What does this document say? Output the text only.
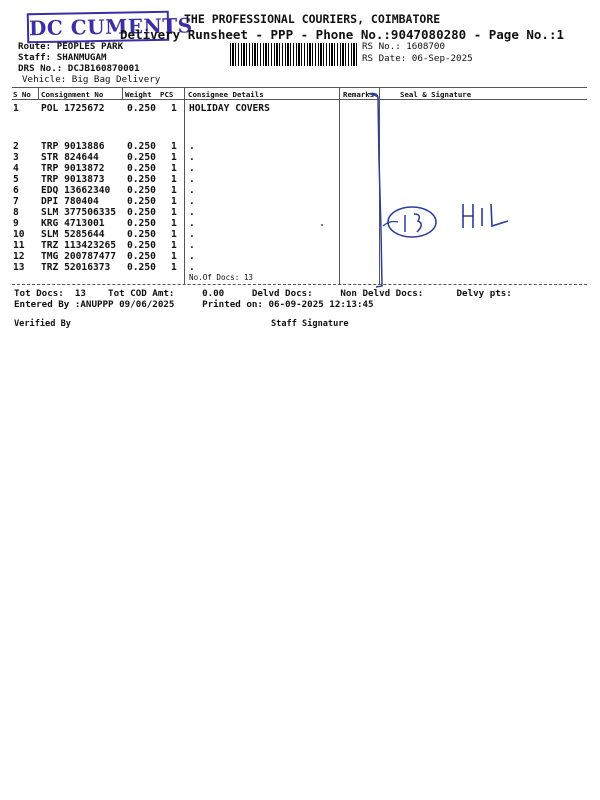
DC CUMENTS
THE PROFESSIONAL COURIERS, COIMBATORE
Delivery Runsheet - PPP - Phone No.:9047080280 - Page No.:1
Route: PEOPLES PARK
Staff: SHANMUGAM
DRS No.: DCJB160870001
Vehicle: Big Bag Delivery
RS No.: 1608700
RS Date: 06-Sep-2025
S No Consignment No	Weight PCS Consignee Details	Remarks	Seal & Signature
1 POL 1725672 0.250 1 HOLIDAY COVERS
2 TRP 9013886 0.250 1 .
3 STR 824644	0.250 1 .
4 TRP 9013872 0.250 1 .
5 TRP 9013873 0.250 1 .
6 EDQ 13662340 0.250 1 .
7 DPI 780404	0.250 1 .
8 SLM 377506335 0.250 1 .
9 KRG 4713001 0.250 1 .
10 SLM 5285644 0.250 1 .
11 TRZ 113423265 0.250 1 .
12 TMG 200787477 0.250 1 .
13 TRZ 52016373 0.250 1 .
No.Of Docs: 13
Tot Docs:  13    Tot COD Amt:     0.00     Delvd Docs:     Non Delvd Docs:      Delvy pts:
Entered By :ANUPPP 09/06/2025     Printed on: 06-09-2025 12:13:45
Verified By	Staff Signature
